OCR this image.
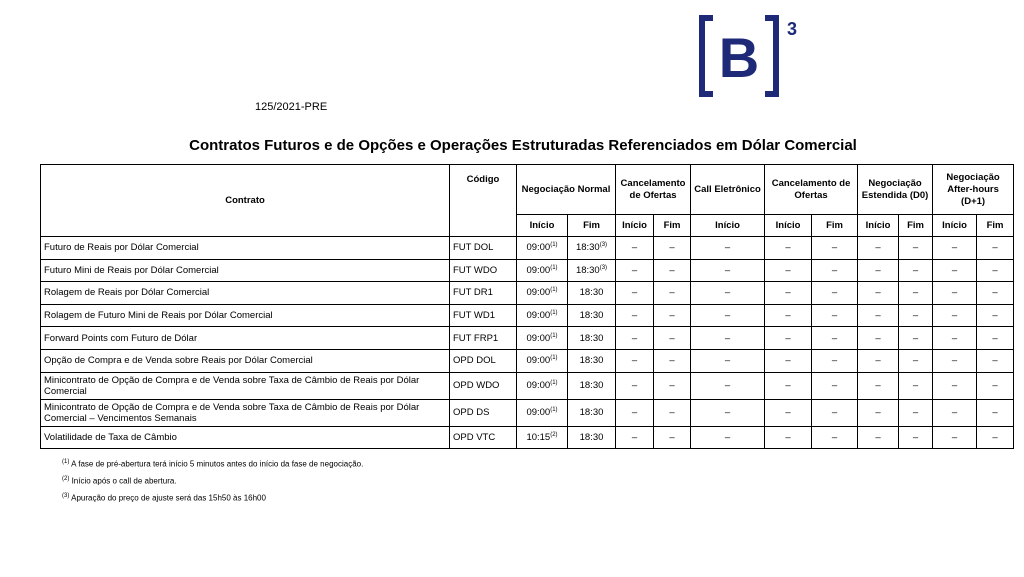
B 3
125/2021-PRE
Contratos Futuros e de Opções e Operações Estruturadas Referenciados em Dólar Comercial
Contrato	Código	Negociação Normal		Cancelamento de Ofertas		Call Eletrônico	Cancelamento de Ofertas		Negociação Estendida (D0)		Negociação After-hours (D+1)	
		Início	Fim	Início	Fim	Início	Início	Fim	Início	Fim	Início	Fim
Futuro de Reais por Dólar Comercial	FUT DOL	09:00$^{(1)}$	18:30$^{(3)}$	–	–	–	–	–	–	–	–	–
Futuro Mini de Reais por Dólar Comercial	FUT WDO	09:00$^{(1)}$	18:30$^{(3)}$	–	–	–	–	–	–	–	–	–
Rolagem de Reais por Dólar Comercial	FUT DR1	09:00$^{(1)}$	18:30	–	–	–	–	–	–	–	–	–
Rolagem de Futuro Mini de Reais por Dólar Comercial	FUT WD1	09:00$^{(1)}$	18:30	–	–	–	–	–	–	–	–	–
Forward Points com Futuro de Dólar	FUT FRP1	09:00$^{(1)}$	18:30	–	–	–	–	–	–	–	–	–
Opção de Compra e de Venda sobre Reais por Dólar Comercial	OPD DOL	09:00$^{(1)}$	18:30	–	–	–	–	–	–	–	–	–
Minicontrato de Opção de Compra e de Venda sobre Taxa de Câmbio de Reais por Dólar Comercial	OPD WDO	09:00$^{(1)}$	18:30	–	–	–	–	–	–	–	–	–
Minicontrato de Opção de Compra e de Venda sobre Taxa de Câmbio de Reais por Dólar Comercial – Vencimentos Semanais	OPD DS	09:00$^{(1)}$	18:30	–	–	–	–	–	–	–	–	–
Volatilidade de Taxa de Câmbio	OPD VTC	10:15$^{(2)}$	18:30	–	–	–	–	–	–	–	–	–
$^{(1)}$ A fase de pré-abertura terá início 5 minutos antes do início da fase de negociação.
$^{(2)}$ Início após o call de abertura.
$^{(3)}$ Apuração do preço de ajuste será das 15h50 às 16h00
